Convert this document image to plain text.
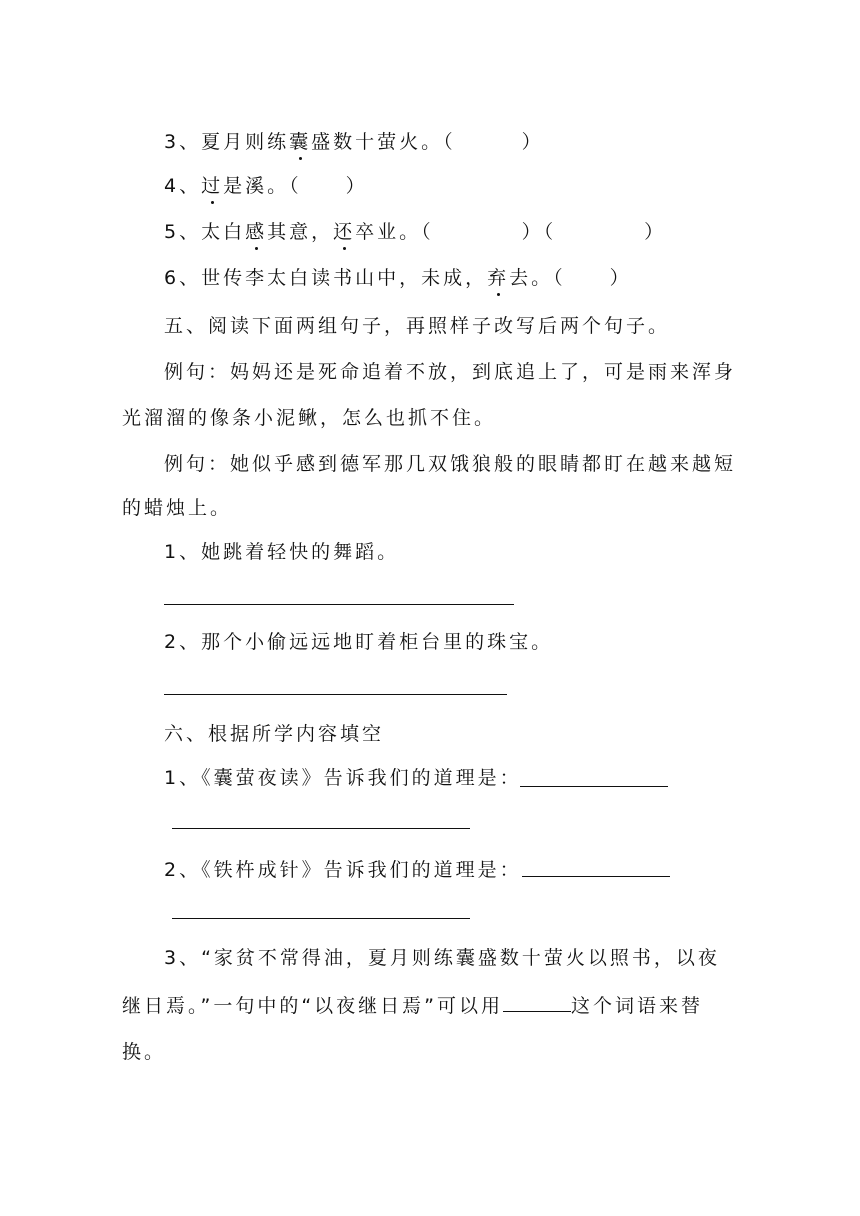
3、夏月则练囊盛数十萤火。（　　　）
4、过是溪。（　　）
5、太白感其意，还卒业。（　　　　）（　　　　）
6、世传李太白读书山中，未成，弃去。（　　）
五、阅读下面两组句子，再照样子改写后两个句子。
例句：妈妈还是死命追着不放，到底追上了，可是雨来浑身
光溜溜的像条小泥鳅，怎么也抓不住。
例句：她似乎感到德军那几双饿狼般的眼睛都盯在越来越短
的蜡烛上。
1、她跳着轻快的舞蹈。
2、那个小偷远远地盯着柜台里的珠宝。
六、根据所学内容填空
1、《囊萤夜读》告诉我们的道理是：
2、《铁杵成针》告诉我们的道理是：
3、“家贫不常得油，夏月则练囊盛数十萤火以照书，以夜
继日焉。”一句中的“以夜继日焉”可以用	这个词语来替
换。
